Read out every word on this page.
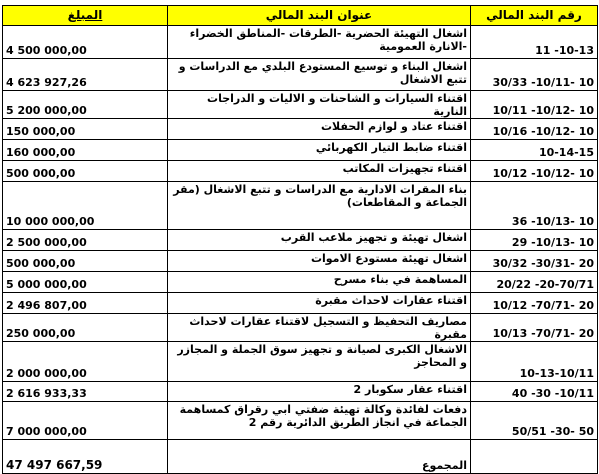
المبلغ	عنوان البند المالي	رقم البند المالي
4 500 000,00	اشغال التهيئة الحضرية -الطرقات -المناطق الخضراء -الانارة العمومية	10-13- 11
4 623 927,26	اشغال البناء و توسيع المستودع البلدي مع الدراسات و تتبع الاشغال	10 -10/11- 30/33
5 200 000,00	اقتناء السيارات و الشاحنات و الاليات و الدراجات النارية	10 -10/12- 10/11
150 000,00	اقتناء عتاد و لوازم الحفلات	10 -10/12- 10/16
160 000,00	اقتناء ضابط التيار الكهربائي	10-14-15
500 000,00	اقتناء تجهيزات المكاتب	10 -10/12- 10/12
10 000 000,00	بناء المقرات الادارية مع الدراسات و تتبع الاشغال (مقر الجماعة و المقاطعات)	10 -10/13- 36
2 500 000,00	اشغال تهيئة و تجهيز ملاعب القرب	10 -10/13- 29
500 000,00	اشغال تهيئة مستودع الاموات	20 -30/31- 30/32
5 000 000,00	المساهمة في بناء مسرح	20-70/71- 20/22
2 496 807,00	اقتناء عقارات لاحداث مقبرة	20 -70/71- 10/12
250 000,00	مصاريف التحفيظ و التسجيل لاقتناء عقارات لاحداث مقبرة	20 -70/71- 10/13
2 000 000,00	الاشغال الكبرى لصيانة و تجهيز سوق الجملة و المجازر و المحاجز	10-13-10/11
2 616 933,33	اقتناء عقار سكوبار 2	10/11- 30- 40
7 000 000,00	دفعات لفائدة وكالة تهيئة ضفتي ابي رقراق كمساهمة الجماعة في انجاز الطريق الدائرية رقم 2	50 -30- 50/51
47 497 667,59	المجموع	
